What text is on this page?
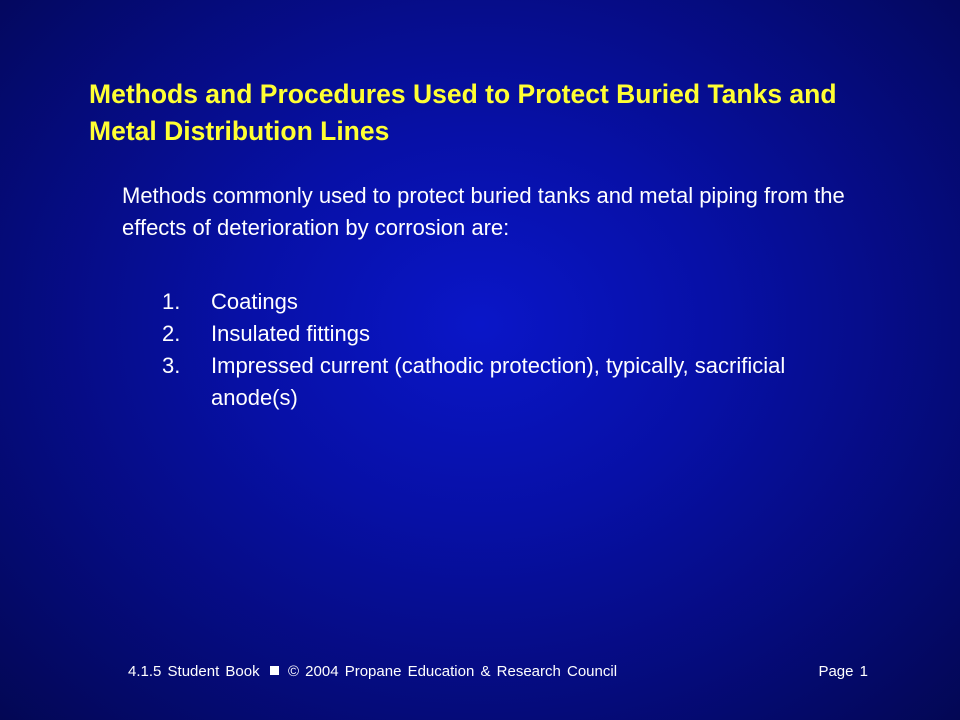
Methods and Procedures Used to Protect Buried Tanks and Metal Distribution Lines

Methods commonly used to protect buried tanks and metal piping from the effects of deterioration by corrosion are:

1.	Coatings
2.	Insulated fittings
3.	Impressed current (cathodic protection), typically, sacrificial anode(s)
4.1.5 Student Book © 2004 Propane Education & Research Council	Page 1
